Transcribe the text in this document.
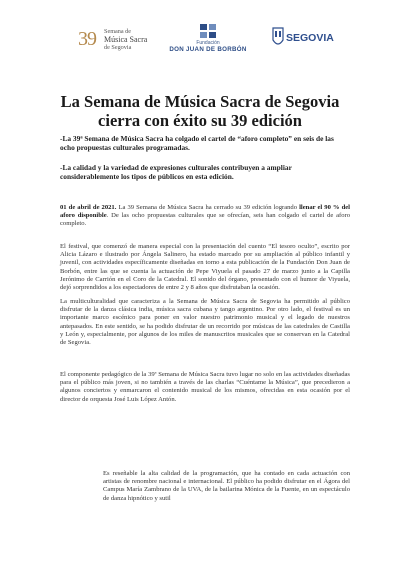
39 Semana de
Música Sacra
de Segovia
Fundación
DON JUAN DE BORBÓN
SEGOVIA
La Semana de Música Sacra de Segovia
cierra con éxito su 39 edición

-La 39ª Semana de Música Sacra ha colgado el cartel de “aforo completo” en seis de las ocho propuestas culturales programadas.

-La calidad y la variedad de expresiones culturales contribuyen a ampliar considerablemente los tipos de públicos en esta edición.

01 de abril de 2021. La 39 Semana de Música Sacra ha cerrado su 39 edición logrando llenar el 90 % del aforo disponible. De las ocho propuestas culturales que se ofrecían, seis han colgado el cartel de aforo completo.

El festival, que comenzó de manera especial con la presentación del cuento “El tesoro oculto”, escrito por Alicia Lázaro e ilustrado por Ángela Salinero, ha estado marcado por su ampliación al público infantil y juvenil, con actividades específicamente diseñadas en torno a esta publicación de la Fundación Don Juan de Borbón, entre las que se cuenta la actuación de Pepe Viyuela el pasado 27 de marzo junto a la Capilla Jerónimo de Carrión en el Coro de la Catedral. El sonido del órgano, presentado con el humor de Viyuela, dejó sorprendidos a los espectadores de entre 2 y 8 años que disfrutaban la ocasión.

La multiculturalidad que caracteriza a la Semana de Música Sacra de Segovia ha permitido al público disfrutar de la danza clásica india, música sacra cubana y tango argentino. Por otro lado, el festival es un importante marco escénico para poner en valor nuestro patrimonio musical y el legado de nuestros antepasados. En este sentido, se ha podido disfrutar de un recorrido por músicas de las catedrales de Castilla y León y, especialmente, por algunos de los miles de manuscritos musicales que se conservan en la Catedral de Segovia.

El componente pedagógico de la 39ª Semana de Música Sacra tuvo lugar no solo en las actividades diseñadas para el público más joven, si no también a través de las charlas “Cuéntame la Música”, que precedieron a algunos conciertos y enmarcaron el contenido musical de los mismos, ofrecidas en esta ocasión por el director de orquesta José Luis López Antón.

Es reseñable la alta calidad de la programación, que ha contado en cada actuación con artistas de renombre nacional e internacional. El público ha podido disfrutar en el Ágora del Campus María Zambrano de la UVA, de la bailarina Mónica de la Fuente, en un espectáculo de danza hipnótico y sutil
